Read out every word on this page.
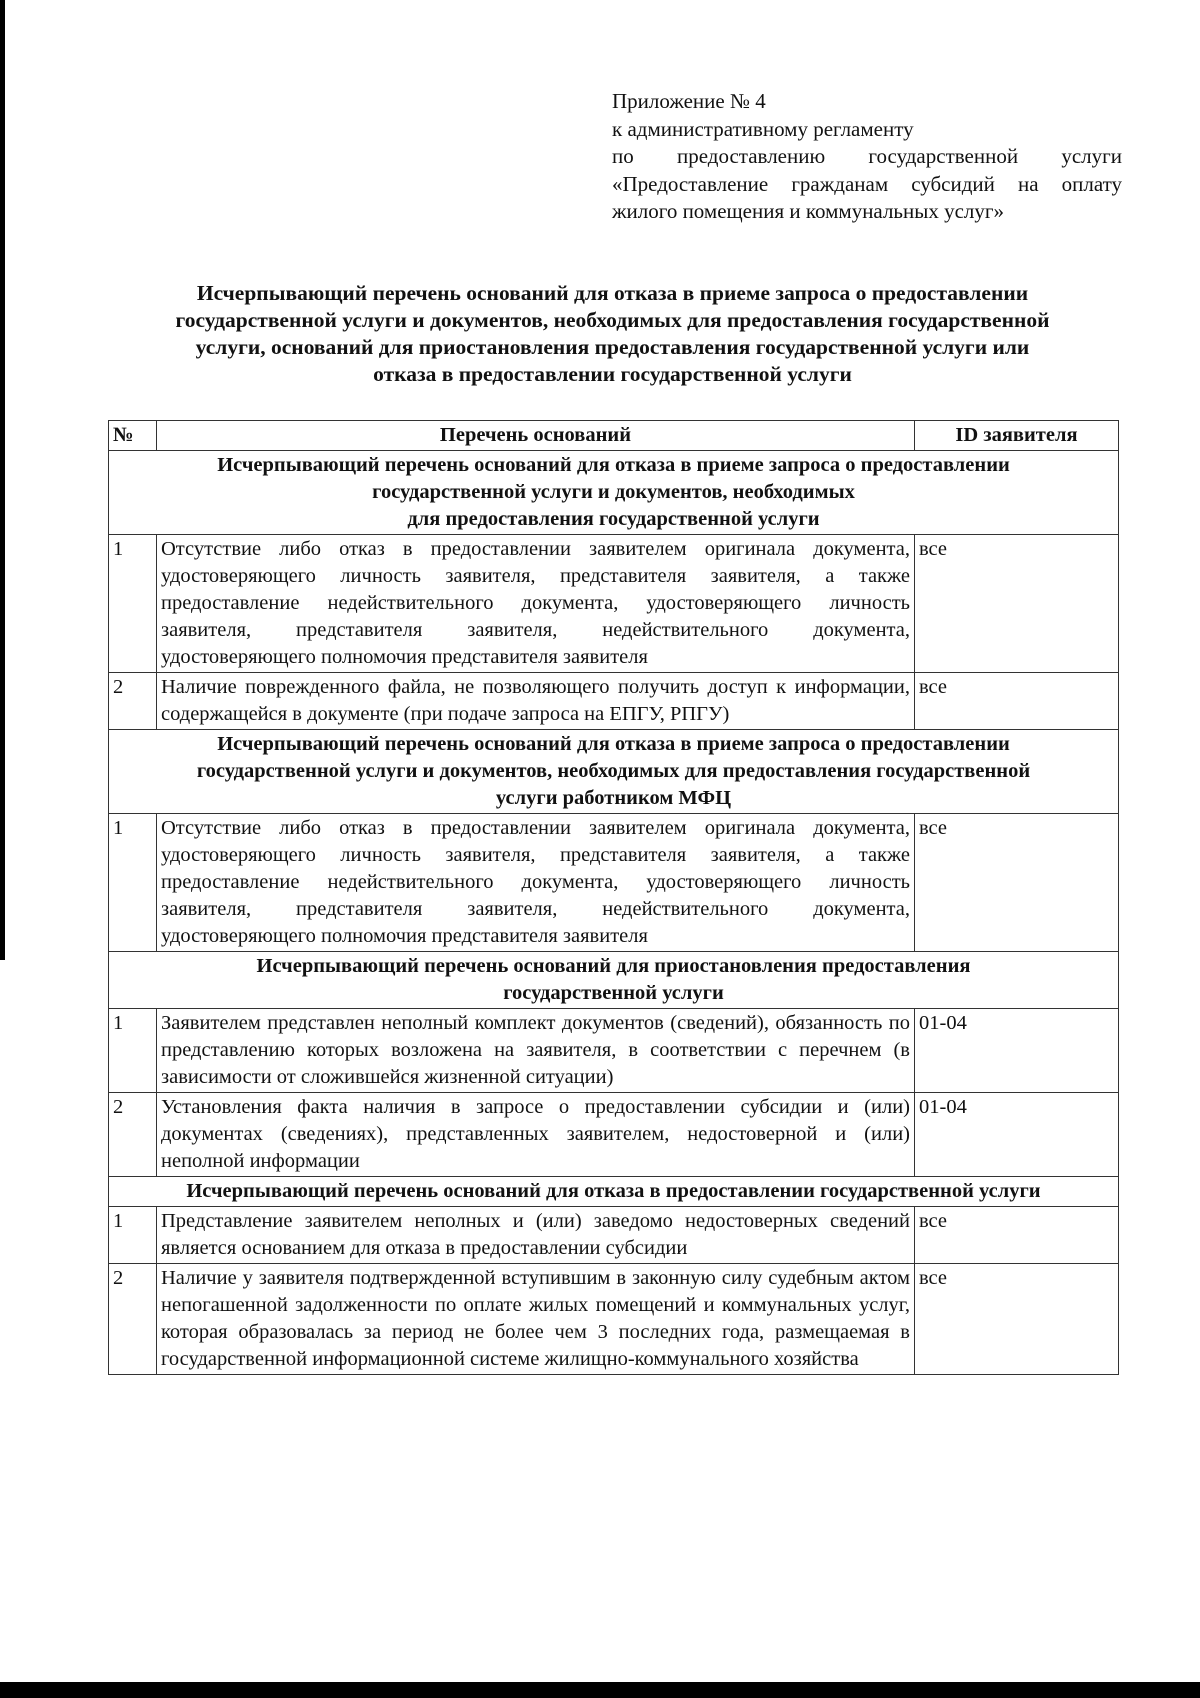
Приложение № 4
к административному регламенту
по предоставлению государственной услуги
«Предоставление гражданам субсидий на оплату
жилого помещения и коммунальных услуг»
Исчерпывающий перечень оснований для отказа в приеме запроса о предоставлении
государственной услуги и документов, необходимых для предоставления государственной
услуги, оснований для приостановления предоставления государственной услуги или
отказа в предоставлении государственной услуги
№	Перечень оснований	ID заявителя

Исчерпывающий перечень оснований для отказа в приеме запроса о предоставлении
государственной услуги и документов, необходимых
для предоставления государственной услуги		

1	Отсутствие либо отказ в предоставлении заявителем оригинала документа, удостоверяющего личность заявителя, представителя заявителя, а также предоставление недействительного документа, удостоверяющего личность заявителя, представителя заявителя, недействительного документа, удостоверяющего полномочия представителя заявителя	все
2	Наличие поврежденного файла, не позволяющего получить доступ к информации, содержащейся в документе (при подаче запроса на ЕПГУ, РПГУ)	все

Исчерпывающий перечень оснований для отказа в приеме запроса о предоставлении
государственной услуги и документов, необходимых для предоставления государственной
услуги работником МФЦ		

1	Отсутствие либо отказ в предоставлении заявителем оригинала документа, удостоверяющего личность заявителя, представителя заявителя, а также предоставление недействительного документа, удостоверяющего личность заявителя, представителя заявителя, недействительного документа, удостоверяющего полномочия представителя заявителя	все

Исчерпывающий перечень оснований для приостановления предоставления
государственной услуги		

1	Заявителем представлен неполный комплект документов (сведений), обязанность по представлению которых возложена на заявителя, в соответствии с перечнем (в зависимости от сложившейся жизненной ситуации)	01-04
2	Установления факта наличия в запросе о предоставлении субсидии и (или) документах (сведениях), представленных заявителем, недостоверной и (или) неполной информации	01-04

Исчерпывающий перечень оснований для отказа в предоставлении государственной услуги		

1	Представление заявителем неполных и (или) заведомо недостоверных сведений является основанием для отказа в предоставлении субсидии	все
2	Наличие у заявителя подтвержденной вступившим в законную силу судебным актом непогашенной задолженности по оплате жилых помещений и коммунальных услуг, которая образовалась за период не более чем 3 последних года, размещаемая в государственной информационной системе жилищно-коммунального хозяйства	все
